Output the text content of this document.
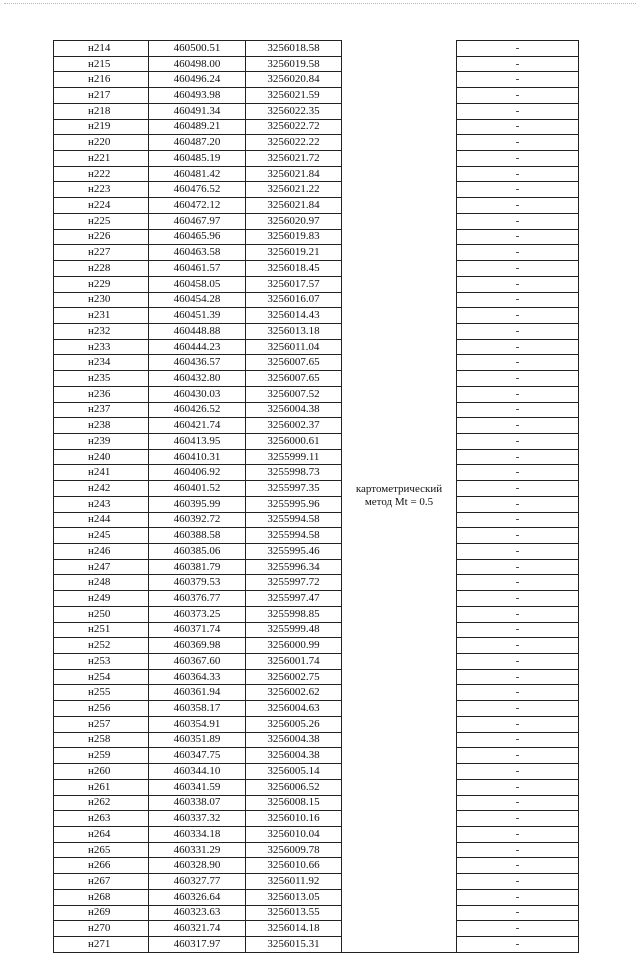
н214	460500.51	3256018.58	картометрический
метод Mt = 0.5	-
н215	460498.00	3256019.58		-
н216	460496.24	3256020.84		-
н217	460493.98	3256021.59		-
н218	460491.34	3256022.35		-
н219	460489.21	3256022.72		-
н220	460487.20	3256022.22		-
н221	460485.19	3256021.72		-
н222	460481.42	3256021.84		-
н223	460476.52	3256021.22		-
н224	460472.12	3256021.84		-
н225	460467.97	3256020.97		-
н226	460465.96	3256019.83		-
н227	460463.58	3256019.21		-
н228	460461.57	3256018.45		-
н229	460458.05	3256017.57		-
н230	460454.28	3256016.07		-
н231	460451.39	3256014.43		-
н232	460448.88	3256013.18		-
н233	460444.23	3256011.04		-
н234	460436.57	3256007.65		-
н235	460432.80	3256007.65		-
н236	460430.03	3256007.52		-
н237	460426.52	3256004.38		-
н238	460421.74	3256002.37		-
н239	460413.95	3256000.61		-
н240	460410.31	3255999.11		-
н241	460406.92	3255998.73		-
н242	460401.52	3255997.35		-
н243	460395.99	3255995.96		-
н244	460392.72	3255994.58		-
н245	460388.58	3255994.58		-
н246	460385.06	3255995.46		-
н247	460381.79	3255996.34		-
н248	460379.53	3255997.72		-
н249	460376.77	3255997.47		-
н250	460373.25	3255998.85		-
н251	460371.74	3255999.48		-
н252	460369.98	3256000.99		-
н253	460367.60	3256001.74		-
н254	460364.33	3256002.75		-
н255	460361.94	3256002.62		-
н256	460358.17	3256004.63		-
н257	460354.91	3256005.26		-
н258	460351.89	3256004.38		-
н259	460347.75	3256004.38		-
н260	460344.10	3256005.14		-
н261	460341.59	3256006.52		-
н262	460338.07	3256008.15		-
н263	460337.32	3256010.16		-
н264	460334.18	3256010.04		-
н265	460331.29	3256009.78		-
н266	460328.90	3256010.66		-
н267	460327.77	3256011.92		-
н268	460326.64	3256013.05		-
н269	460323.63	3256013.55		-
н270	460321.74	3256014.18		-
н271	460317.97	3256015.31		-
